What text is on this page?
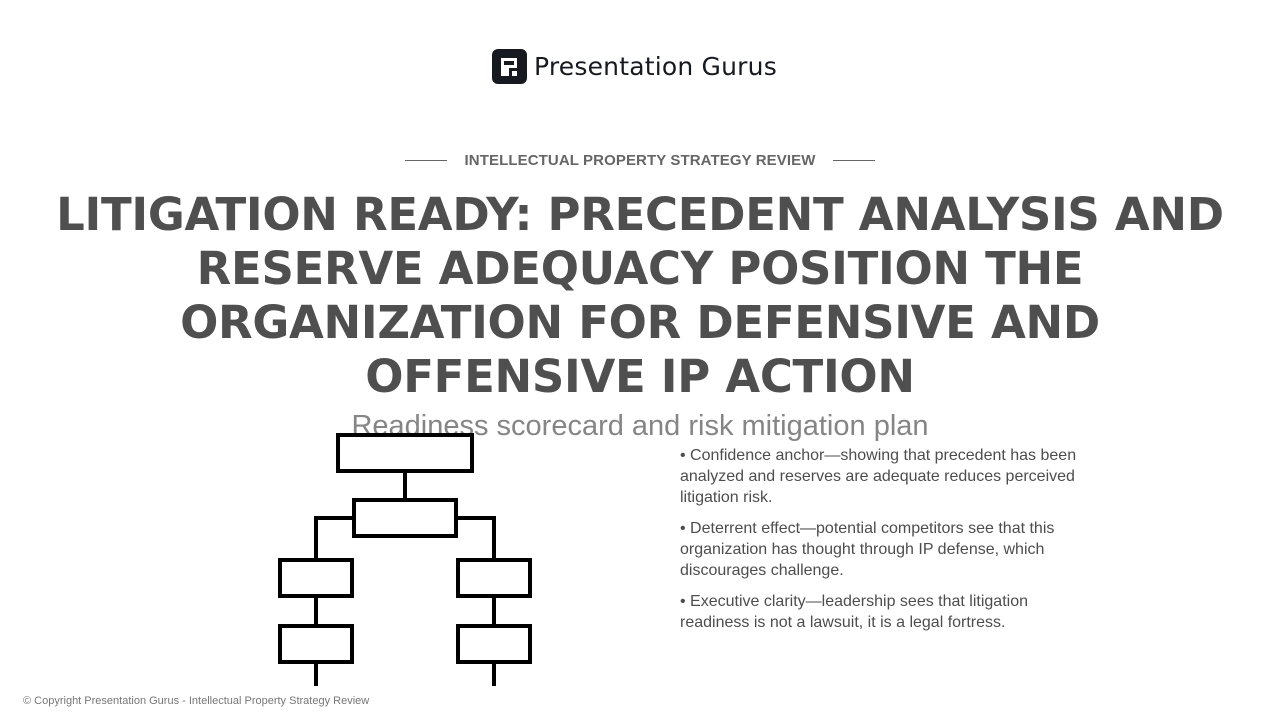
Presentation Gurus
INTELLECTUAL PROPERTY STRATEGY REVIEW
LITIGATION READY: PRECEDENT ANALYSIS AND RESERVE ADEQUACY POSITION THE ORGANIZATION FOR DEFENSIVE AND OFFENSIVE IP ACTION
Readiness scorecard and risk mitigation plan

• Confidence anchor—showing that precedent has been analyzed and reserves are adequate reduces perceived litigation risk.

• Deterrent effect—potential competitors see that this organization has thought through IP defense, which discourages challenge.

• Executive clarity—leadership sees that litigation readiness is not a lawsuit, it is a legal fortress.

© Copyright Presentation Gurus - Intellectual Property Strategy Review
